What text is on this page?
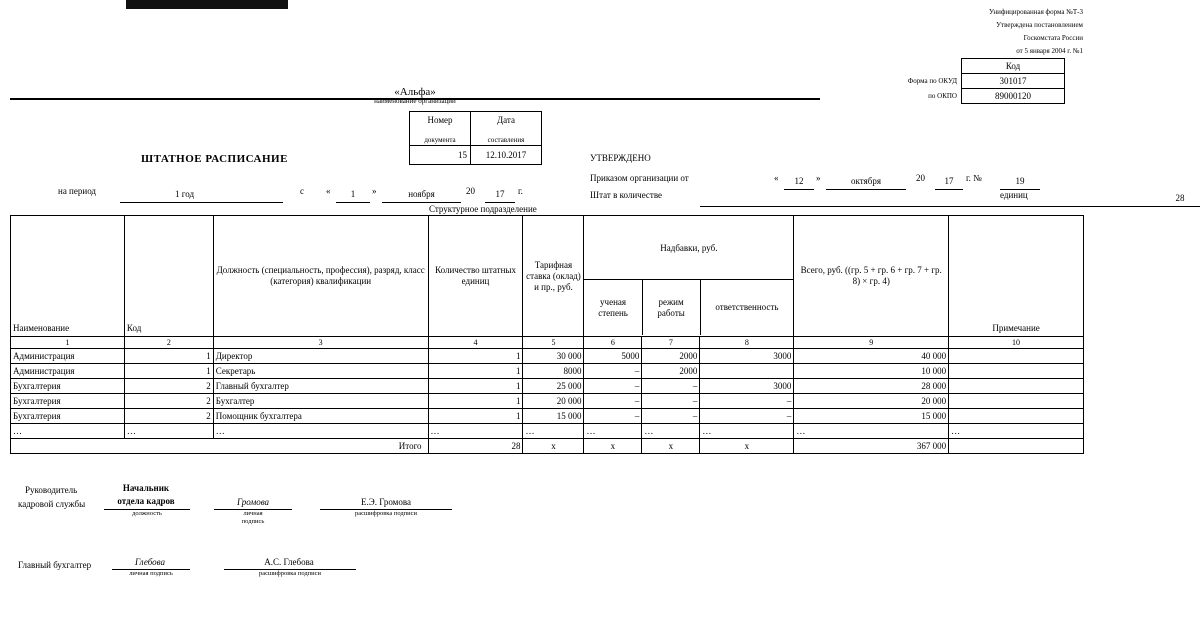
Унифицированная форма №Т-3
Утверждена постановлением
Госкомстата России
от 5 января 2004 г. №1
	Код
Форма по ОКУД	301017
по ОКПО	89000120
«Альфа»
наименование организации
ШТАТНОЕ РАСПИСАНИЕ
Номер	Дата
документа	составления
15	12.10.2017
на период	1 год	с «	1	»	ноября	20	17	г.
УТВЕРЖДЕНО
Приказом организации от
Штат в количестве
«	12	»	октября	20	17	г. №	19
28
единиц
Структурное подразделение
Наименование	Код	Должность (специальность, профессия), разряд, класс (категория) квалификации	Количество штатных единиц	Тарифная ставка (оклад) и пр., руб.	
Надбавки, руб.
ученая степень	режим работы	ответственность
	Всего, руб. ((гр. 5 + гр. 6 + гр. 7 + гр. 8) × гр. 4)	Примечание
1	2	3	4	5	6	7	8	9	10
Администрация	1	Директор	1	30 000	5000	2000	3000	40 000	
Администрация	1	Секретарь	1	8000	–	2000		10 000	
Бухгалтерия	2	Главный бухгалтер	1	25 000	–	–	3000	28 000	
Бухгалтерия	2	Бухгалтер	1	20 000	–	–	–	20 000	
Бухгалтерия	2	Помощник бухгалтера	1	15 000	–	–	–	15 000	
…	…	…	…	…	…	…	…	…	…
Итого	28	х	х	х	х	367 000	
Руководитель
кадровой службы
Начальник
отдела кадров
должность
Громова
личная
подпись
Е.Э. Громова
расшифровка подписи
Главный бухгалтер	Глебова
личная подпись
А.С. Глебова
расшифровка подписи
